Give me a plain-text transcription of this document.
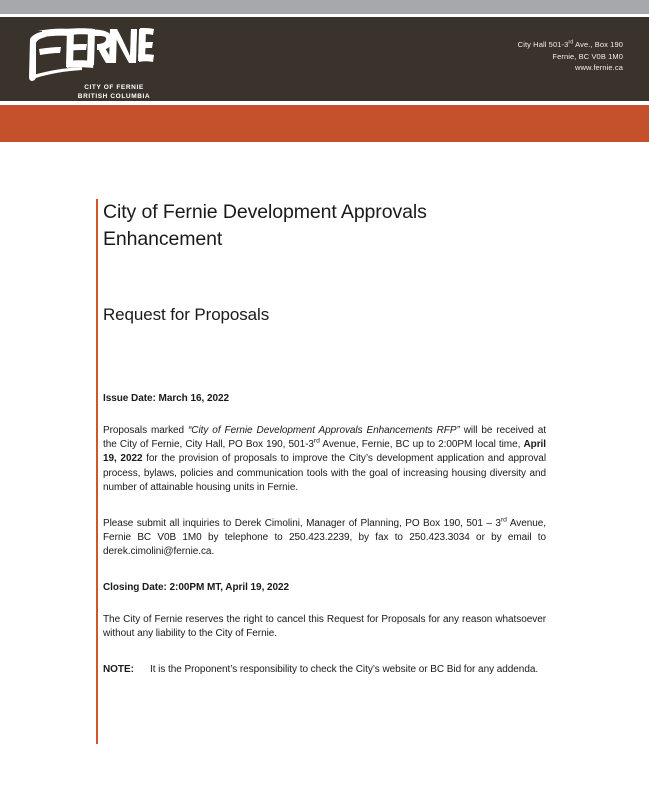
CITY OF FERNIE
BRITISH COLUMBIA
City Hall 501-3rd Ave., Box 190
Fernie, BC V0B 1M0
www.fernie.ca
City of Fernie Development Approvals Enhancement
Request for Proposals

Issue Date: March 16, 2022

Proposals marked “City of Fernie Development Approvals Enhancements RFP” will be received at the City of Fernie, City Hall, PO Box 190, 501-3rd Avenue, Fernie, BC up to 2:00PM local time, April 19, 2022 for the provision of proposals to improve the City’s development application and approval process, bylaws, policies and communication tools with the goal of increasing housing diversity and number of attainable housing units in Fernie.

Please submit all inquiries to Derek Cimolini, Manager of Planning, PO Box 190, 501 – 3rd Avenue, Fernie BC V0B 1M0 by telephone to 250.423.2239, by fax to 250.423.3034 or by email to derek.cimolini@fernie.ca.

Closing Date: 2:00PM MT, April 19, 2022

The City of Fernie reserves the right to cancel this Request for Proposals for any reason whatsoever without any liability to the City of Fernie.

NOTE:	It is the Proponent’s responsibility to check the City’s website or BC Bid for any addenda.
